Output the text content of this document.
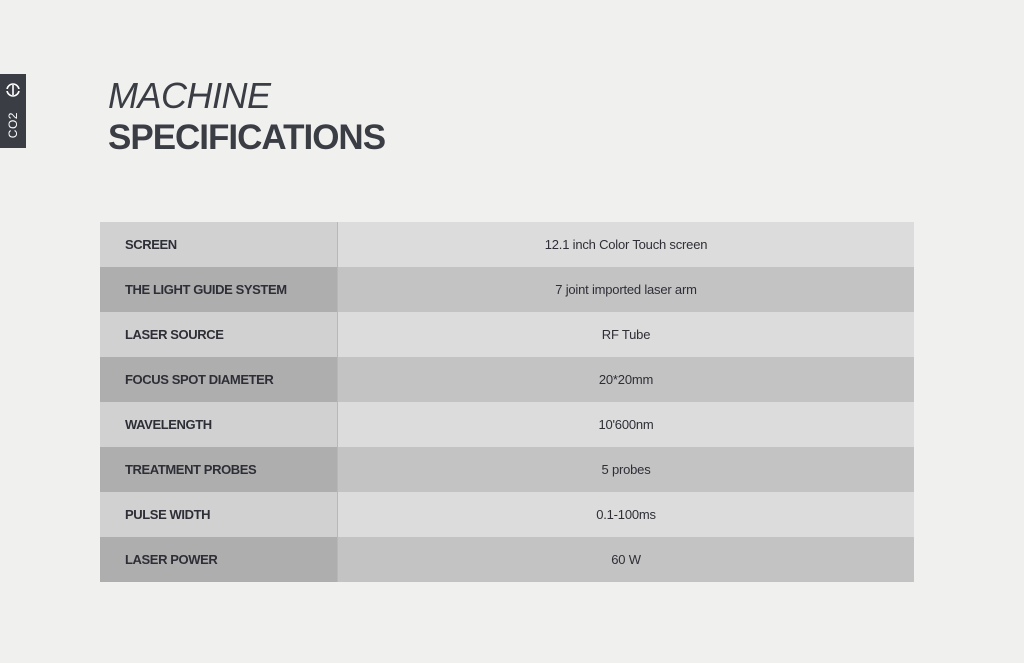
CO2
MACHINE
SPECIFICATIONS
SCREEN	12.1 inch Color Touch screen
THE LIGHT GUIDE SYSTEM	7 joint imported laser arm
LASER SOURCE	RF Tube
FOCUS SPOT DIAMETER	20*20mm
WAVELENGTH	10'600nm
TREATMENT PROBES	5 probes
PULSE WIDTH	0.1-100ms
LASER POWER	60 W
